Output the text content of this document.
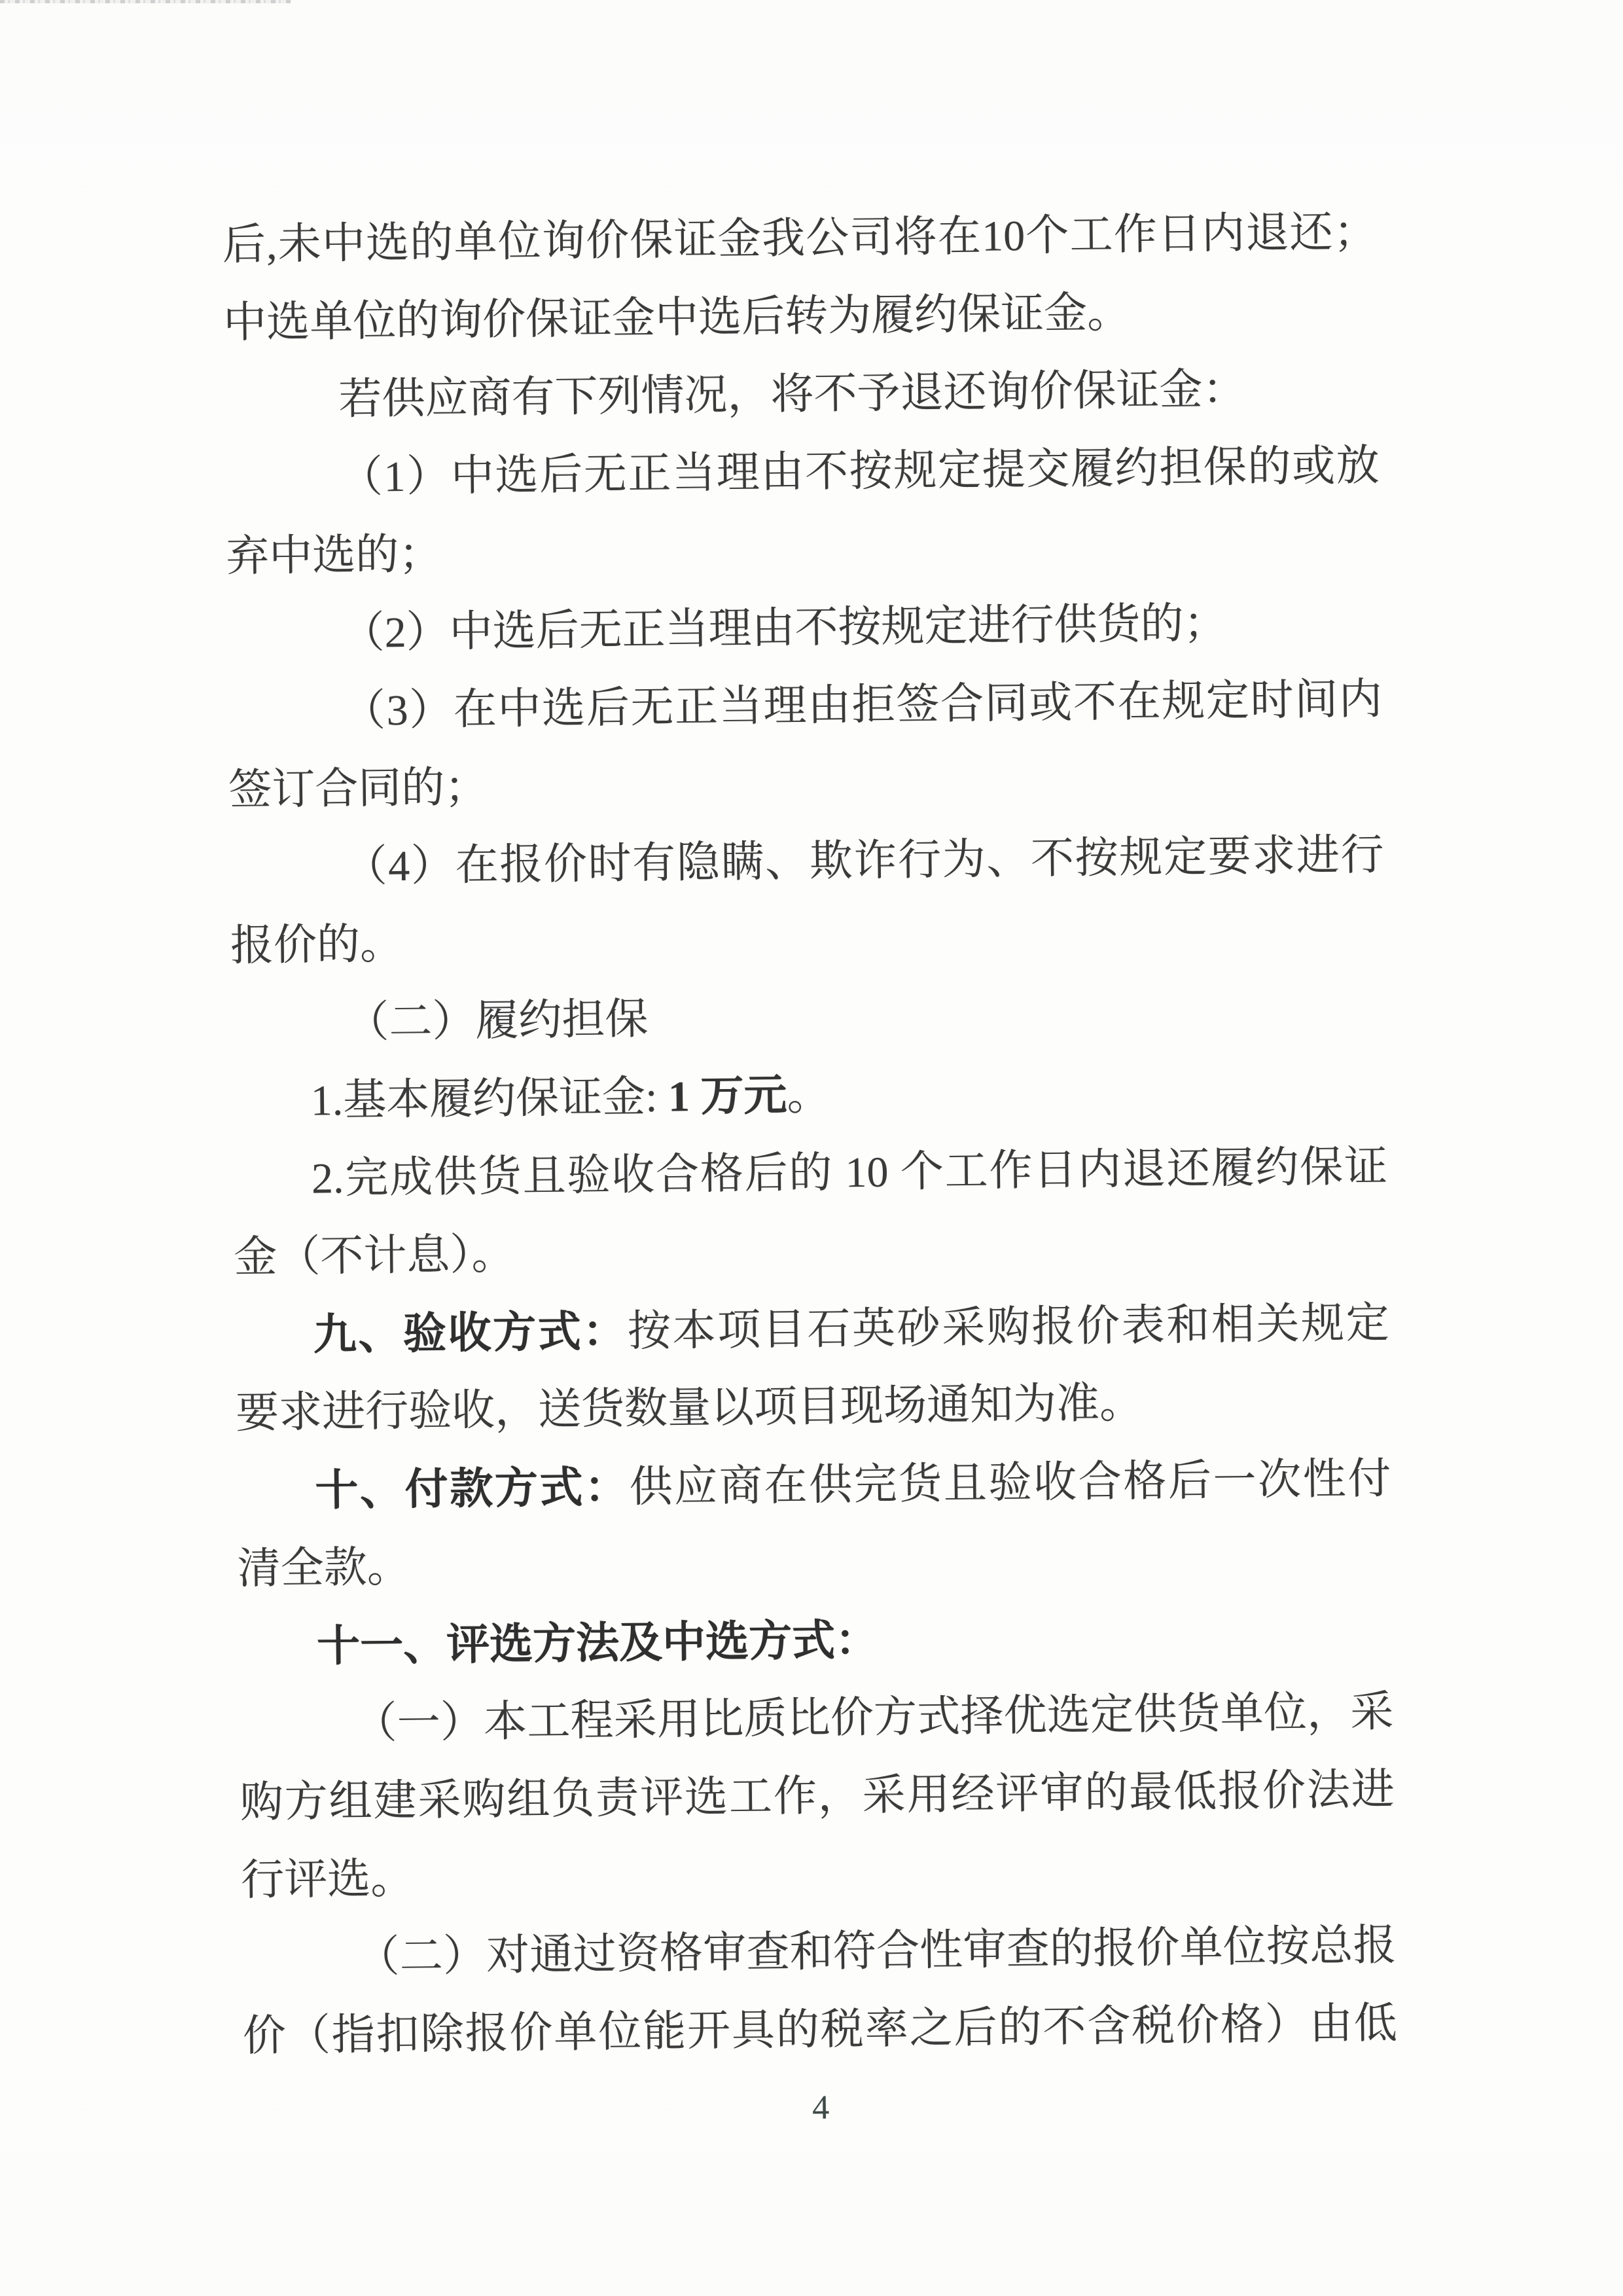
后,未中选的单位询价保证金我公司将在10个工作日内退还；
中选单位的询价保证金中选后转为履约保证金。
若供应商有下列情况，将不予退还询价保证金：
（1）中选后无正当理由不按规定提交履约担保的或放
弃中选的；
（2）中选后无正当理由不按规定进行供货的；
（3）在中选后无正当理由拒签合同或不在规定时间内
签订合同的；
（4）在报价时有隐瞒、欺诈行为、不按规定要求进行
报价的。
（二）履约担保
1.基本履约保证金: 1 万元。
2.完成供货且验收合格后的 10 个工作日内退还履约保证
金（不计息）。
九、验收方式：按本项目石英砂采购报价表和相关规定
要求进行验收，送货数量以项目现场通知为准。
十、付款方式：供应商在供完货且验收合格后一次性付
清全款。
十一、评选方法及中选方式：
（一）本工程采用比质比价方式择优选定供货单位，采
购方组建采购组负责评选工作，采用经评审的最低报价法进
行评选。
（二）对通过资格审查和符合性审查的报价单位按总报
价（指扣除报价单位能开具的税率之后的不含税价格）由低
4
